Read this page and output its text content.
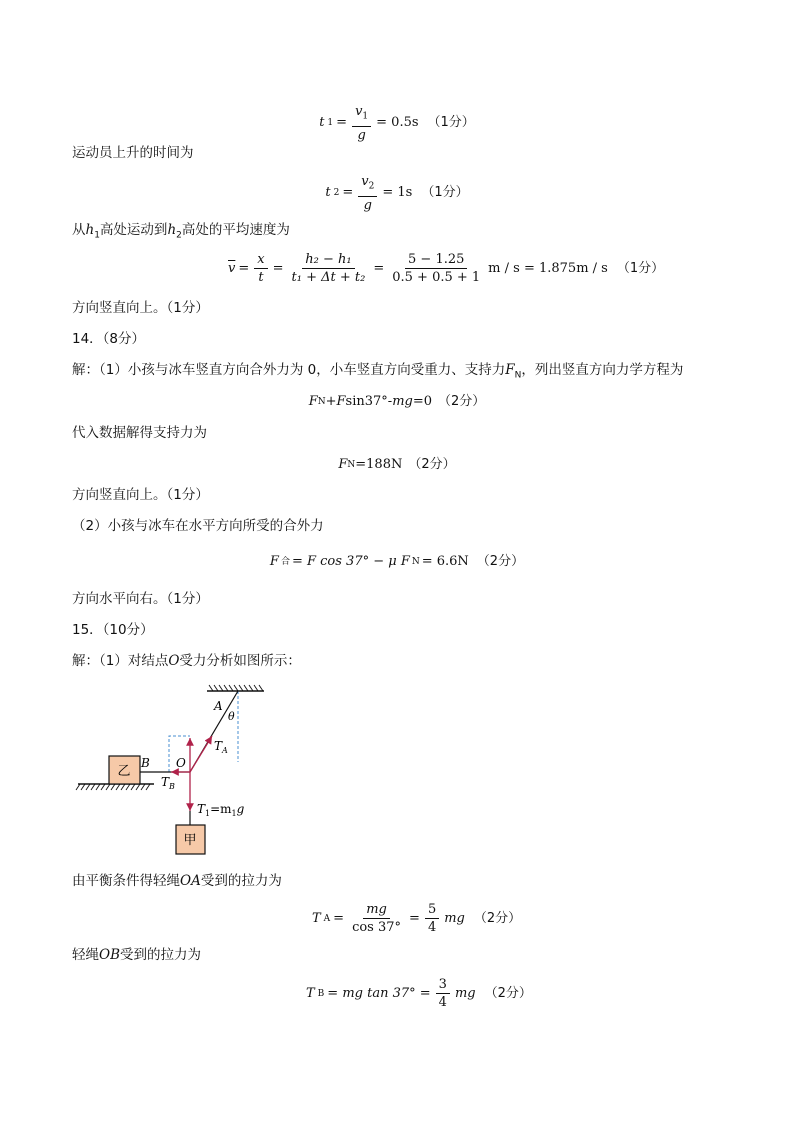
t $1 = \frac{v_1}{g} = 0.5s$ （1分）
运动员上升的时间为
t $2 = \frac{v_2}{g} = 1s$ （1分）
从$h_1$高处运动到$h_2$高处的平均速度为
$\overline{v} = \frac{x}{t} = \frac{\text{h₂ − h₁}}{\text{t₁ + Δt + t₂}} = \frac{5 - 1.25}{0.5 + 0.5 + 1}$ m / s = 1.875m / s （1分）
方向竖直向上。（1分）
14．（8分）
解：（1）小孩与冰车竖直方向合外力为 0，小车竖直方向受重力、支持力$F_N$，列出竖直方向力学方程为
F N + F sin37°- mg =0 （2分）
代入数据解得支持力为
F N =188N （2分）
方向竖直向上。（1分）
（2）小孩与冰车在水平方向所受的合外力
F 合 = F cos 37° − μ F N = 6.6N （2分）
方向水平向右。（1分）
15．（10分）
解：（1）对结点O受力分析如图所示：
乙
甲
A
θ
B O
$T_A$
$T_B$
$T_1=m_1g$
由平衡条件得轻绳OA受到的拉力为
T $A = \frac{mg}{\cos 37^\circ} = \frac{5}{4}$ mg （2分）
轻绳OB受到的拉力为
T B = mg $\tan 37^\circ = \frac{3}{4}$ mg （2分）
